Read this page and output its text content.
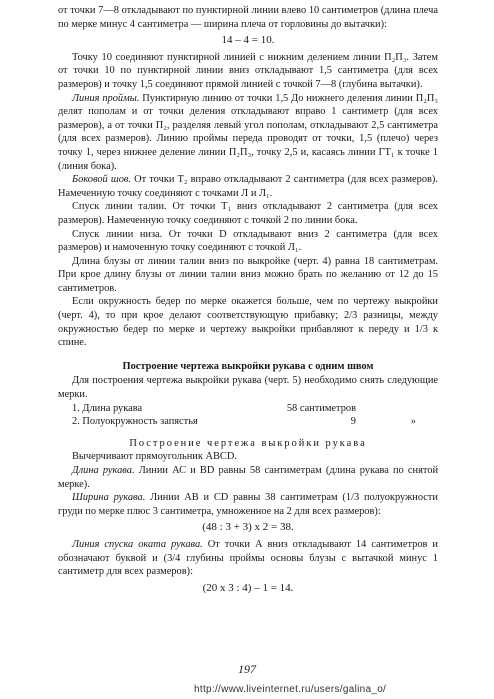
от точки 7—8 откладывают по пунктирной линии влево 10 сантиметров (длина плеча по мерке минус 4 сантиметра — ширина плеча от горловины до вытачки):

14 – 4 = 10.

Точку 10 соединяют пунктирной линией с нижним делением линии П₂П₃. Затем от точки 10 по пунктирной линии вниз откладывают 1,5 сантиметра (для всех размеров) и точку 1,5 соединяют прямой линией с точкой 7—8 (глубина вытачки).

Линия проймы. Пунктирную линию от точки 1,5 До нижнего деления линии П₂П₃ делят пополам и от точки деления откладывают вправо 1 сантиметр (для всех размеров), а от точки П₂, разделяя левый угол пополам, откладывают 2,5 сантиметра (для всех размеров). Линию проймы переда проводят от точки, 1,5 (плечо) через точку 1, через нижнее деление линии П₂П₃, точку 2,5 и, касаясь линии ГТ₁ к точке 1 (линия бока).

Боковой шов. От точки Т₂ вправо откладывают 2 сантиметра (для всех размеров). Намеченную точку соединяют с точками Л и Л₁.

Спуск линии талии. От точки Т₁ вниз откладывают 2 сантиметра (для всех размеров). Намеченную точку соединяют с точкой 2 по линии бока.

Спуск линии низа. От точки D откладывают вниз 2 сантиметра (для всех размеров) и намоченную точку соединяют с точкой Л₁.

Длина блузы от линии талии вниз по выкройке (черт. 4) равна 18 сантиметрам. При крое длину блузы от линии талии вниз можно брать по желанию от 12 до 15 сантиметров.

Если окружность бедер по мерке окажется больше, чем по чертежу выкройки (черт. 4), то при крое делают соответствующую прибавку; 2/3 разницы, между окружностью бедер по мерке и чертежу выкройки прибавляют к переду и 1/3 к спине.

Построение чертежа выкройки рукава с одним швом

Для построения чертежа выкройки рукава (черт. 5) необходимо снять следующие мерки.

1. Длина рукава	58 сантиметров
2. Полуокружность запястья	9	»
Построение чертежа выкройки рукава

Вычерчивают прямоугольник ABCD.

Длина рукава. Линии АС и BD равны 58 сантиметрам (длина рукава по снятой мерке).

Ширина рукава. Линии АВ и CD равны 38 сантиметрам (1/3 полуокружности груди по мерке плюс 3 сантиметра, умноженное на 2 для всех размеров):

(48 : 3 + 3) x 2 = 38.

Линия спуска оката рукава. От точки А вниз откладывают 14 сантиметров и обозначают буквой и (3/4 глубины проймы основы блузы с вытачкой минус 1 сантиметр для всех размеров):

(20 x 3 : 4) – 1 = 14.

197
http://www.liveinternet.ru/users/galina_o/
